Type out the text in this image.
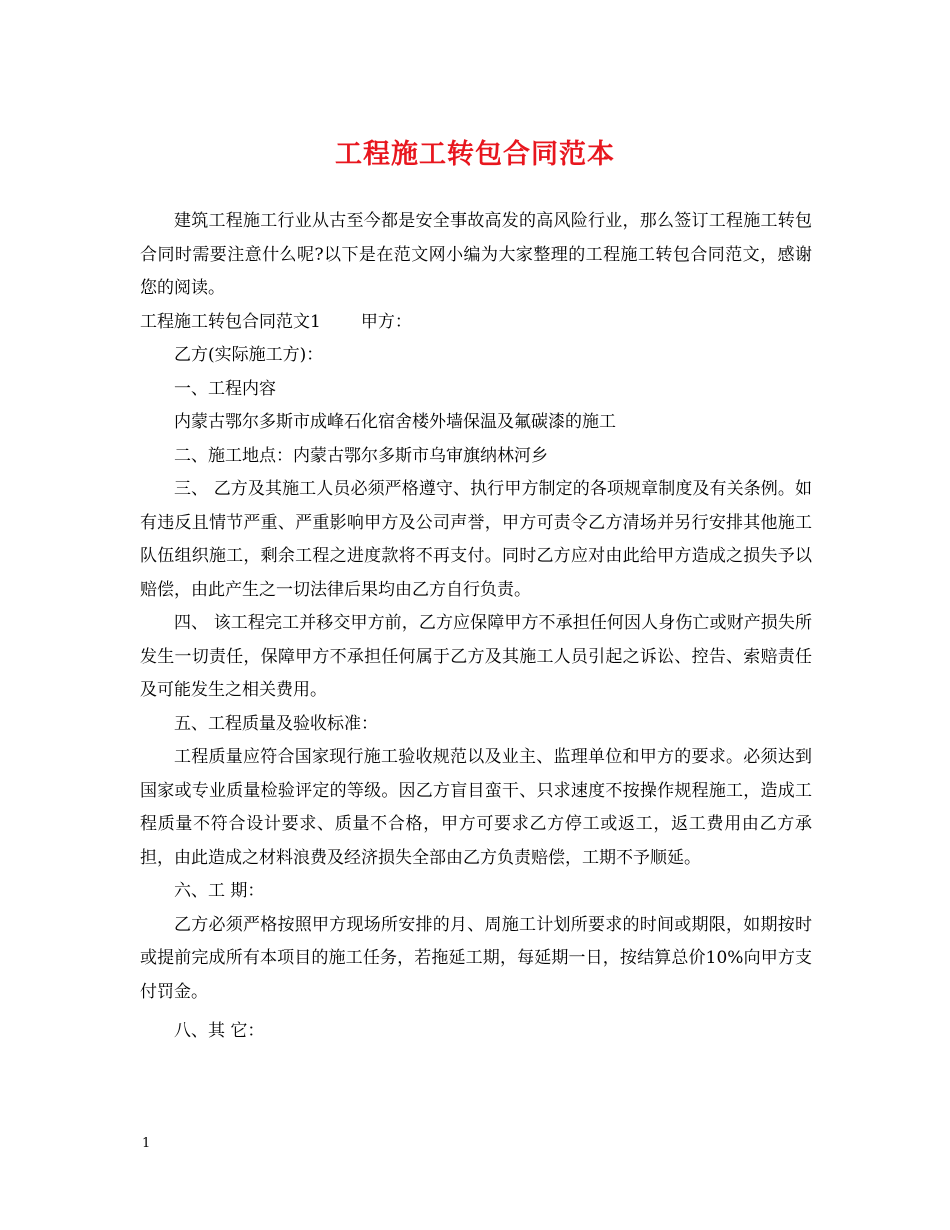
工程施工转包合同范本

建筑工程施工行业从古至今都是安全事故高发的高风险行业，那么签订工程施工转包合同时需要注意什么呢?以下是在范文网小编为大家整理的工程施工转包合同范文，感谢您的阅读。

工程施工转包合同范文1 甲方：

乙方(实际施工方)：

一、工程内容

内蒙古鄂尔多斯市成峰石化宿舍楼外墙保温及氟碳漆的施工

二、施工地点：内蒙古鄂尔多斯市乌审旗纳林河乡

三、 乙方及其施工人员必须严格遵守、执行甲方制定的各项规章制度及有关条例。如有违反且情节严重、严重影响甲方及公司声誉，甲方可责令乙方清场并另行安排其他施工队伍组织施工，剩余工程之进度款将不再支付。同时乙方应对由此给甲方造成之损失予以赔偿，由此产生之一切法律后果均由乙方自行负责。

四、 该工程完工并移交甲方前，乙方应保障甲方不承担任何因人身伤亡或财产损失所发生一切责任，保障甲方不承担任何属于乙方及其施工人员引起之诉讼、控告、索赔责任及可能发生之相关费用。

五、工程质量及验收标准：

工程质量应符合国家现行施工验收规范以及业主、监理单位和甲方的要求。必须达到国家或专业质量检验评定的等级。因乙方盲目蛮干、只求速度不按操作规程施工，造成工程质量不符合设计要求、质量不合格，甲方可要求乙方停工或返工，返工费用由乙方承担，由此造成之材料浪费及经济损失全部由乙方负责赔偿，工期不予顺延。

六、工 期：

乙方必须严格按照甲方现场所安排的月、周施工计划所要求的时间或期限，如期按时或提前完成所有本项目的施工任务，若拖延工期，每延期一日，按结算总价10%向甲方支付罚金。

八、其 它：

1
